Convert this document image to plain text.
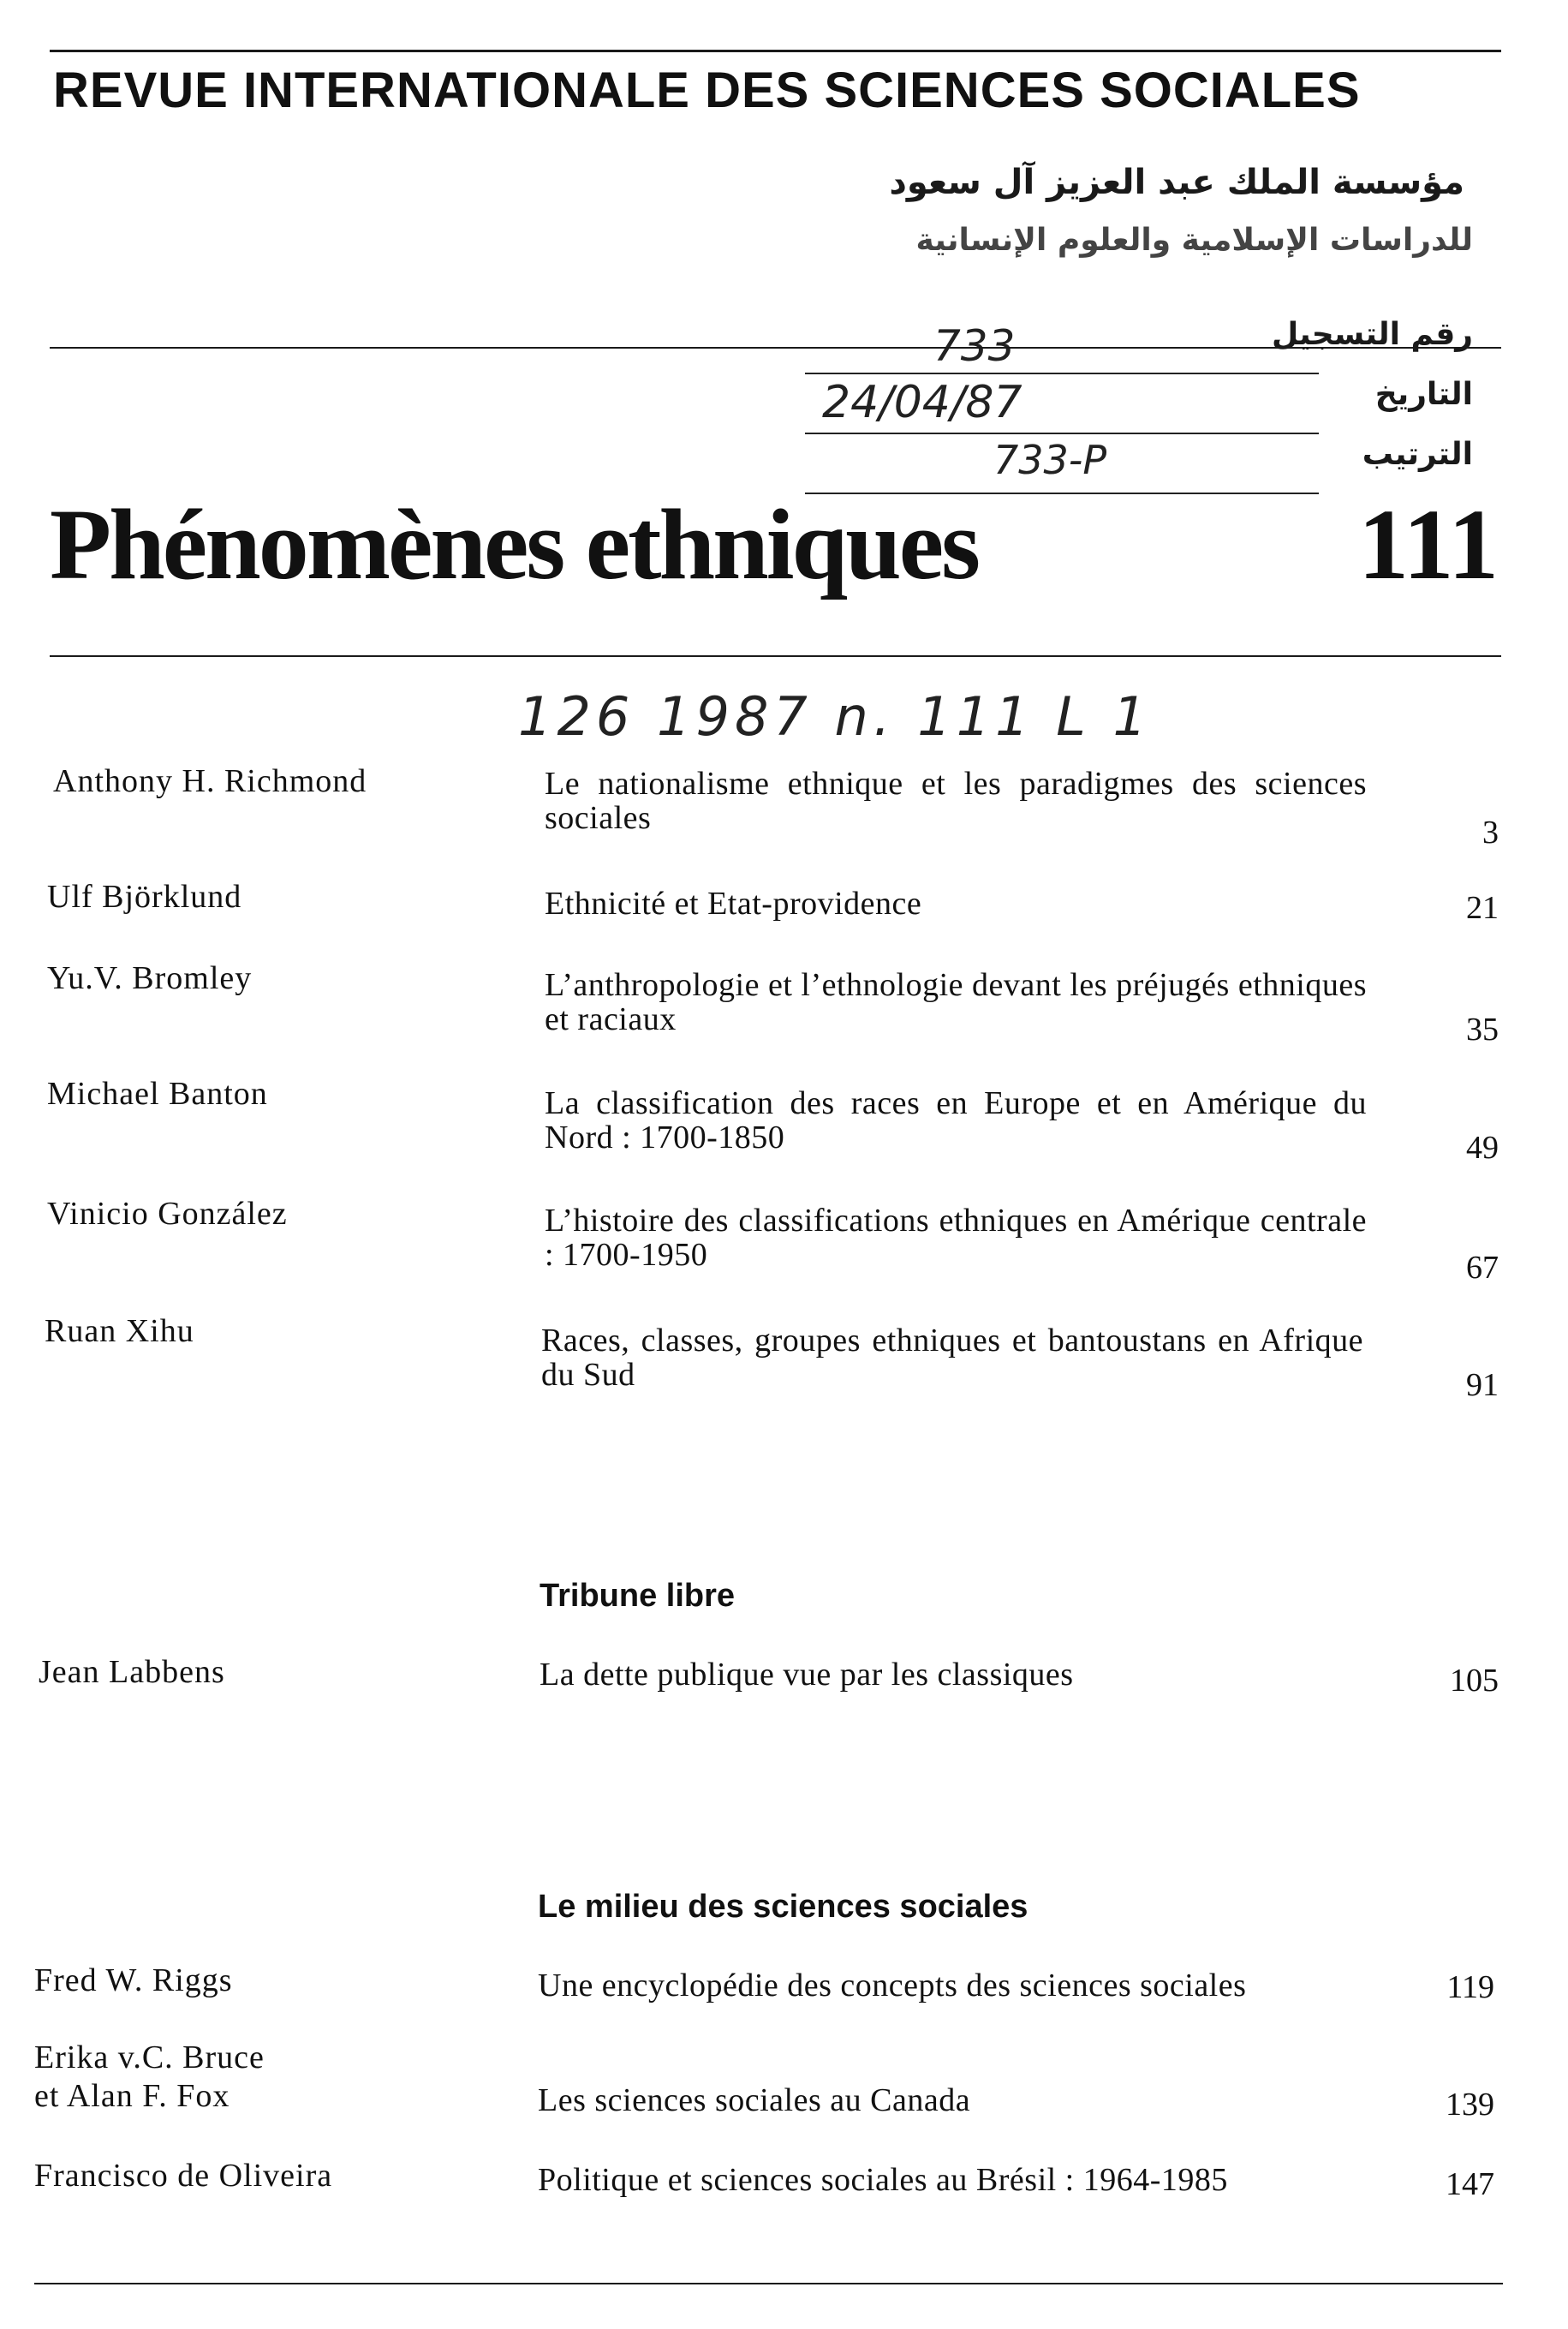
REVUE INTERNATIONALE DES SCIENCES SOCIALES
مؤسسة الملك عبد العزيز آل سعود
للدراسات الإسلامية والعلوم الإنسانية
رقم التسجيل
التاريخ
الترتيب
733
24/04/87
733-P
Phénomènes ethniques	111
126 1987 n. 111 L 1
Anthony H. Richmond	Le nationalisme ethnique et les paradigmes des sciences sociales	3
Ulf Björklund	Ethnicité et Etat-providence	21
Yu.V. Bromley	L’anthropologie et l’ethnologie devant les préjugés ethniques et raciaux	35
Michael Banton	La classification des races en Europe et en Amérique du Nord : 1700-1850	49
Vinicio González	L’histoire des classifications ethniques en Amérique centrale : 1700-1950	67
Ruan Xihu	Races, classes, groupes ethniques et bantoustans en Afrique du Sud	91
Tribune libre
Jean Labbens	La dette publique vue par les classiques	105
Le milieu des sciences sociales
Fred W. Riggs	Une encyclopédie des concepts des sciences sociales	119
Erika v.C. Bruce
et Alan F. Fox	Les sciences sociales au Canada	139
Francisco de Oliveira	Politique et sciences sociales au Brésil : 1964-1985	147
